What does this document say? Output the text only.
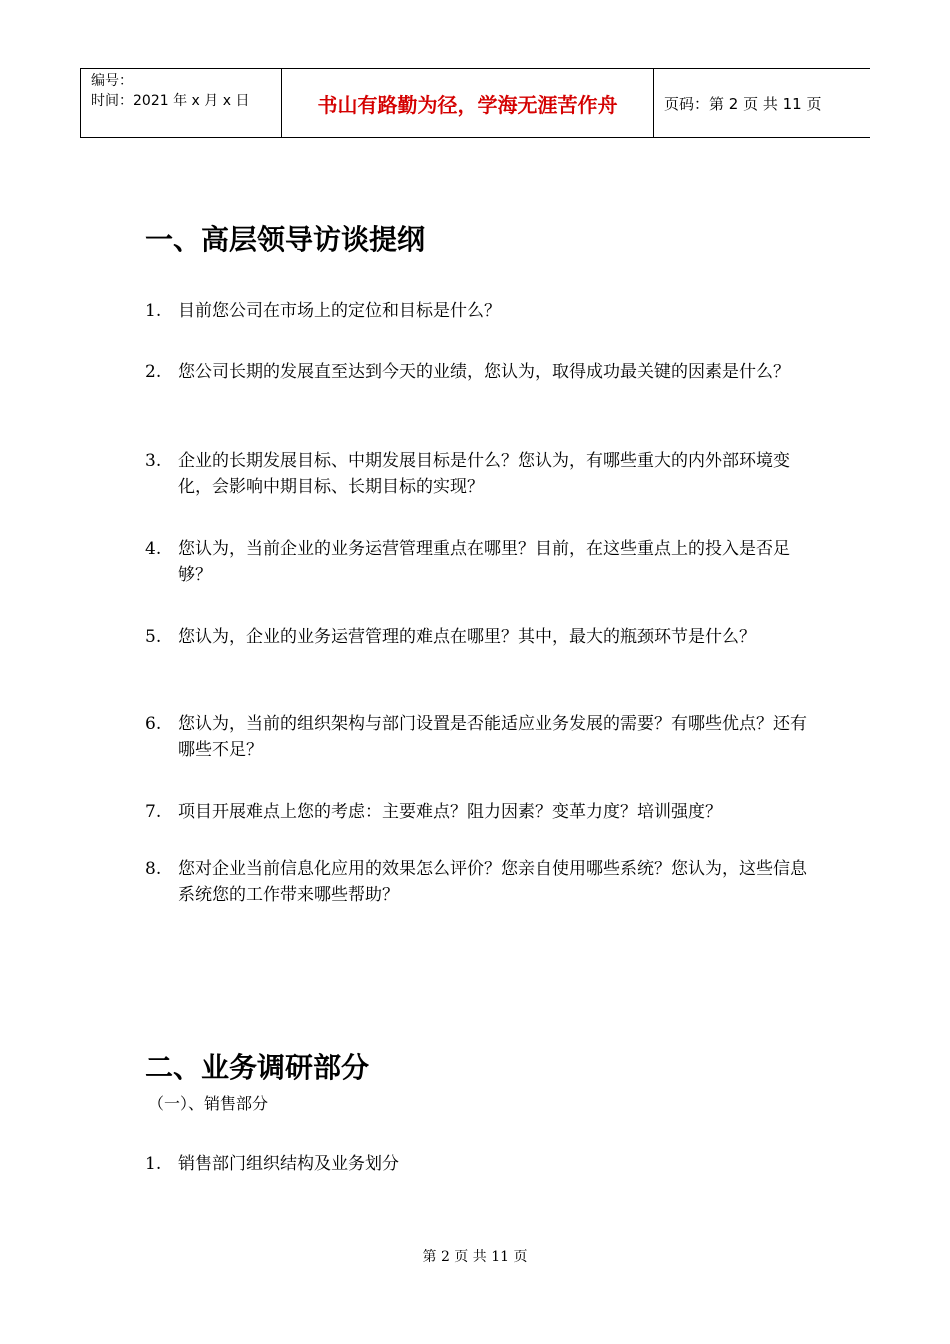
编号：
时间：2021 年 x 月 x 日	书山有路勤为径，学海无涯苦作舟	页码：第 2 页 共 11 页
一、高层领导访谈提纲
1. 目前您公司在市场上的定位和目标是什么？
2. 您公司长期的发展直至达到今天的业绩，您认为，取得成功最关键的因素是什么？
3. 企业的长期发展目标、中期发展目标是什么？您认为，有哪些重大的内外部环境变化，会影响中期目标、长期目标的实现？
4. 您认为，当前企业的业务运营管理重点在哪里？目前，在这些重点上的投入是否足够？
5. 您认为，企业的业务运营管理的难点在哪里？其中，最大的瓶颈环节是什么？
6. 您认为，当前的组织架构与部门设置是否能适应业务发展的需要？有哪些优点？还有哪些不足？
7. 项目开展难点上您的考虑：主要难点？阻力因素？变革力度？培训强度？
8. 您对企业当前信息化应用的效果怎么评价？您亲自使用哪些系统？您认为，这些信息系统您的工作带来哪些帮助？
二、业务调研部分
（一）、销售部分
1. 销售部门组织结构及业务划分
第 2 页 共 11 页
